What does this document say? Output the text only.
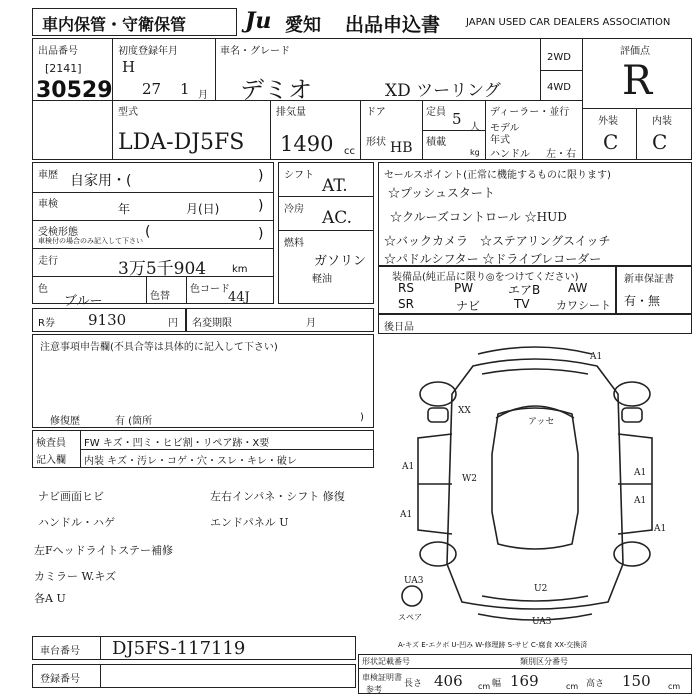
車内保管・守衛保管	Ju 愛知 出品申込書	JAPAN USED CAR DEALERS ASSOCIATION
出品番号
[2141]
30529
初度登録年月
H
27 1 月
車名・グレード
デミオ	XD ツーリング
2WD
4WD
評価点
R
型式
LDA-DJ5FS
排気量
1490 cc
ドア
形状 HB
定員 5 人
積載
kg
ディーラー・並行
モデル
年式
ハンドル 左・右
外装	内装
C C
車歴 自家用・(	)
車検	年	月(日)	)
受検形態
車検付の場合のみ記入して下さい
(	)
走行	3万5千904	km
色
ブルー	色替
色コード
44J
シフト
AT.
冷房 AC.
燃料
ガソリン
軽油
セールスポイント(正常に機能するものに限ります)
☆プッシュスタート
☆クルーズコントロール ☆HUD
☆バックカメラ　☆ステアリングスイッチ
☆パドルシフター ☆ドライブレコーダー
装備品(純正品に限り◎をつけてください)
RS	PW	エアB AW
SR	ナビ	TV カワシート
新車保証書
有・無
R券 9130	円 名変期限	月	後日品
注意事項申告欄(不具合等は具体的に記入して下さい)
修復歴	有 (箇所	)
検査員
記入欄
FW キズ・凹ミ・ヒビ割・リペア跡・X要
内装 キズ・汚レ・コゲ・穴・スレ・キレ・破レ
ナビ画面ヒビ	左右インパネ・シフト 修復
ハンドル・ハゲ	エンドパネル U
左Fヘッドライトステー補修
カミラー W.キズ
各A U
A1
XX
アッセ
W2
A1
A1
A1
A1
A1
UA3
U2
UA3
スペア
A-キズ E-エクボ U-凹み W-修理跡 S-サビ C-腐食 XX-交換済
車台番号 DJ5FS-117119
登録番号
形状記載番号	類別区分番号
車検証明書
参考
長さ 406 cm 幅 169	cm 高さ 150 cm
